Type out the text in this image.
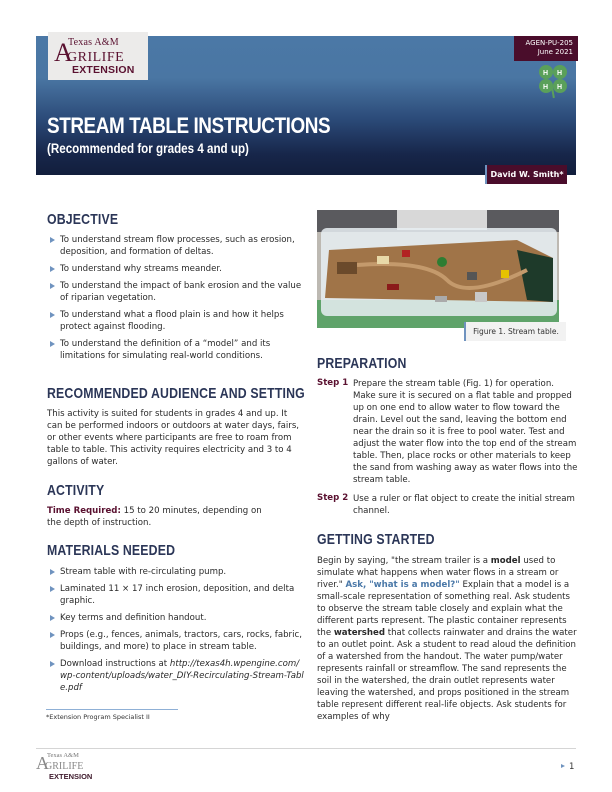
Texas A&M
A
GRILIFE
EXTENSION
AGEN-PU-205
June 2021
H H
H H
STREAM TABLE INSTRUCTIONS
(Recommended for grades 4 and up)
David W. Smith*
OBJECTIVE
To understand stream flow processes, such as erosion, deposition, and formation of deltas.
To understand why streams meander.
To understand the impact of bank erosion and the value of riparian vegetation.
To understand what a flood plain is and how it helps protect against flooding.
To understand the definition of a “model” and its limitations for simulating real-world conditions.
RECOMMENDED AUDIENCE AND SETTING

This activity is suited for students in grades 4 and up. It can be performed indoors or outdoors at water days, fairs, or other events where participants are free to roam from table to table. This activity requires electricity and 3 to 4 gallons of water.

ACTIVITY

Time Required: 15 to 20 minutes, depending on the depth of instruction.

MATERIALS NEEDED
Stream table with re-circulating pump.
Laminated 11 × 17 inch erosion, deposition, and delta graphic.
Key terms and definition handout.
Props (e.g., fences, animals, tractors, cars, rocks, fabric, buildings, and more) to place in stream table.
Download instructions at http://texas4h.wpengine.com/wp-content/uploads/water_DIY-Recirculating-Stream-Table.pdf
*Extension Program Specialist II
Figure 1. Stream table.
PREPARATION
Step 1 Prepare the stream table (Fig. 1) for operation. Make sure it is secured on a flat table and propped up on one end to allow water to flow toward the drain. Level out the sand, leaving the bottom end near the drain so it is free to pool water. Test and adjust the water flow into the top end of the stream table. Then, place rocks or other materials to keep the sand from washing away as water flows into the stream table.

Step 2 Use a ruler or flat object to create the initial stream channel.

GETTING STARTED

Begin by saying, "the stream trailer is a model used to simulate what happens when water flows in a stream or river." Ask, "what is a model?" Explain that a model is a small-scale representation of something real. Ask students to observe the stream table closely and explain what the different parts represent. The plastic container represents the watershed that collects rainwater and drains the water to an outlet point. Ask a student to read aloud the definition of a watershed from the handout. The water pump/water represents rainfall or streamflow. The sand represents the soil in the watershed, the drain outlet represents water leaving the watershed, and props positioned in the stream table represent different real-life objects. Ask students for examples of why

Texas A&M
A
GRILIFE
EXTENSION
1
